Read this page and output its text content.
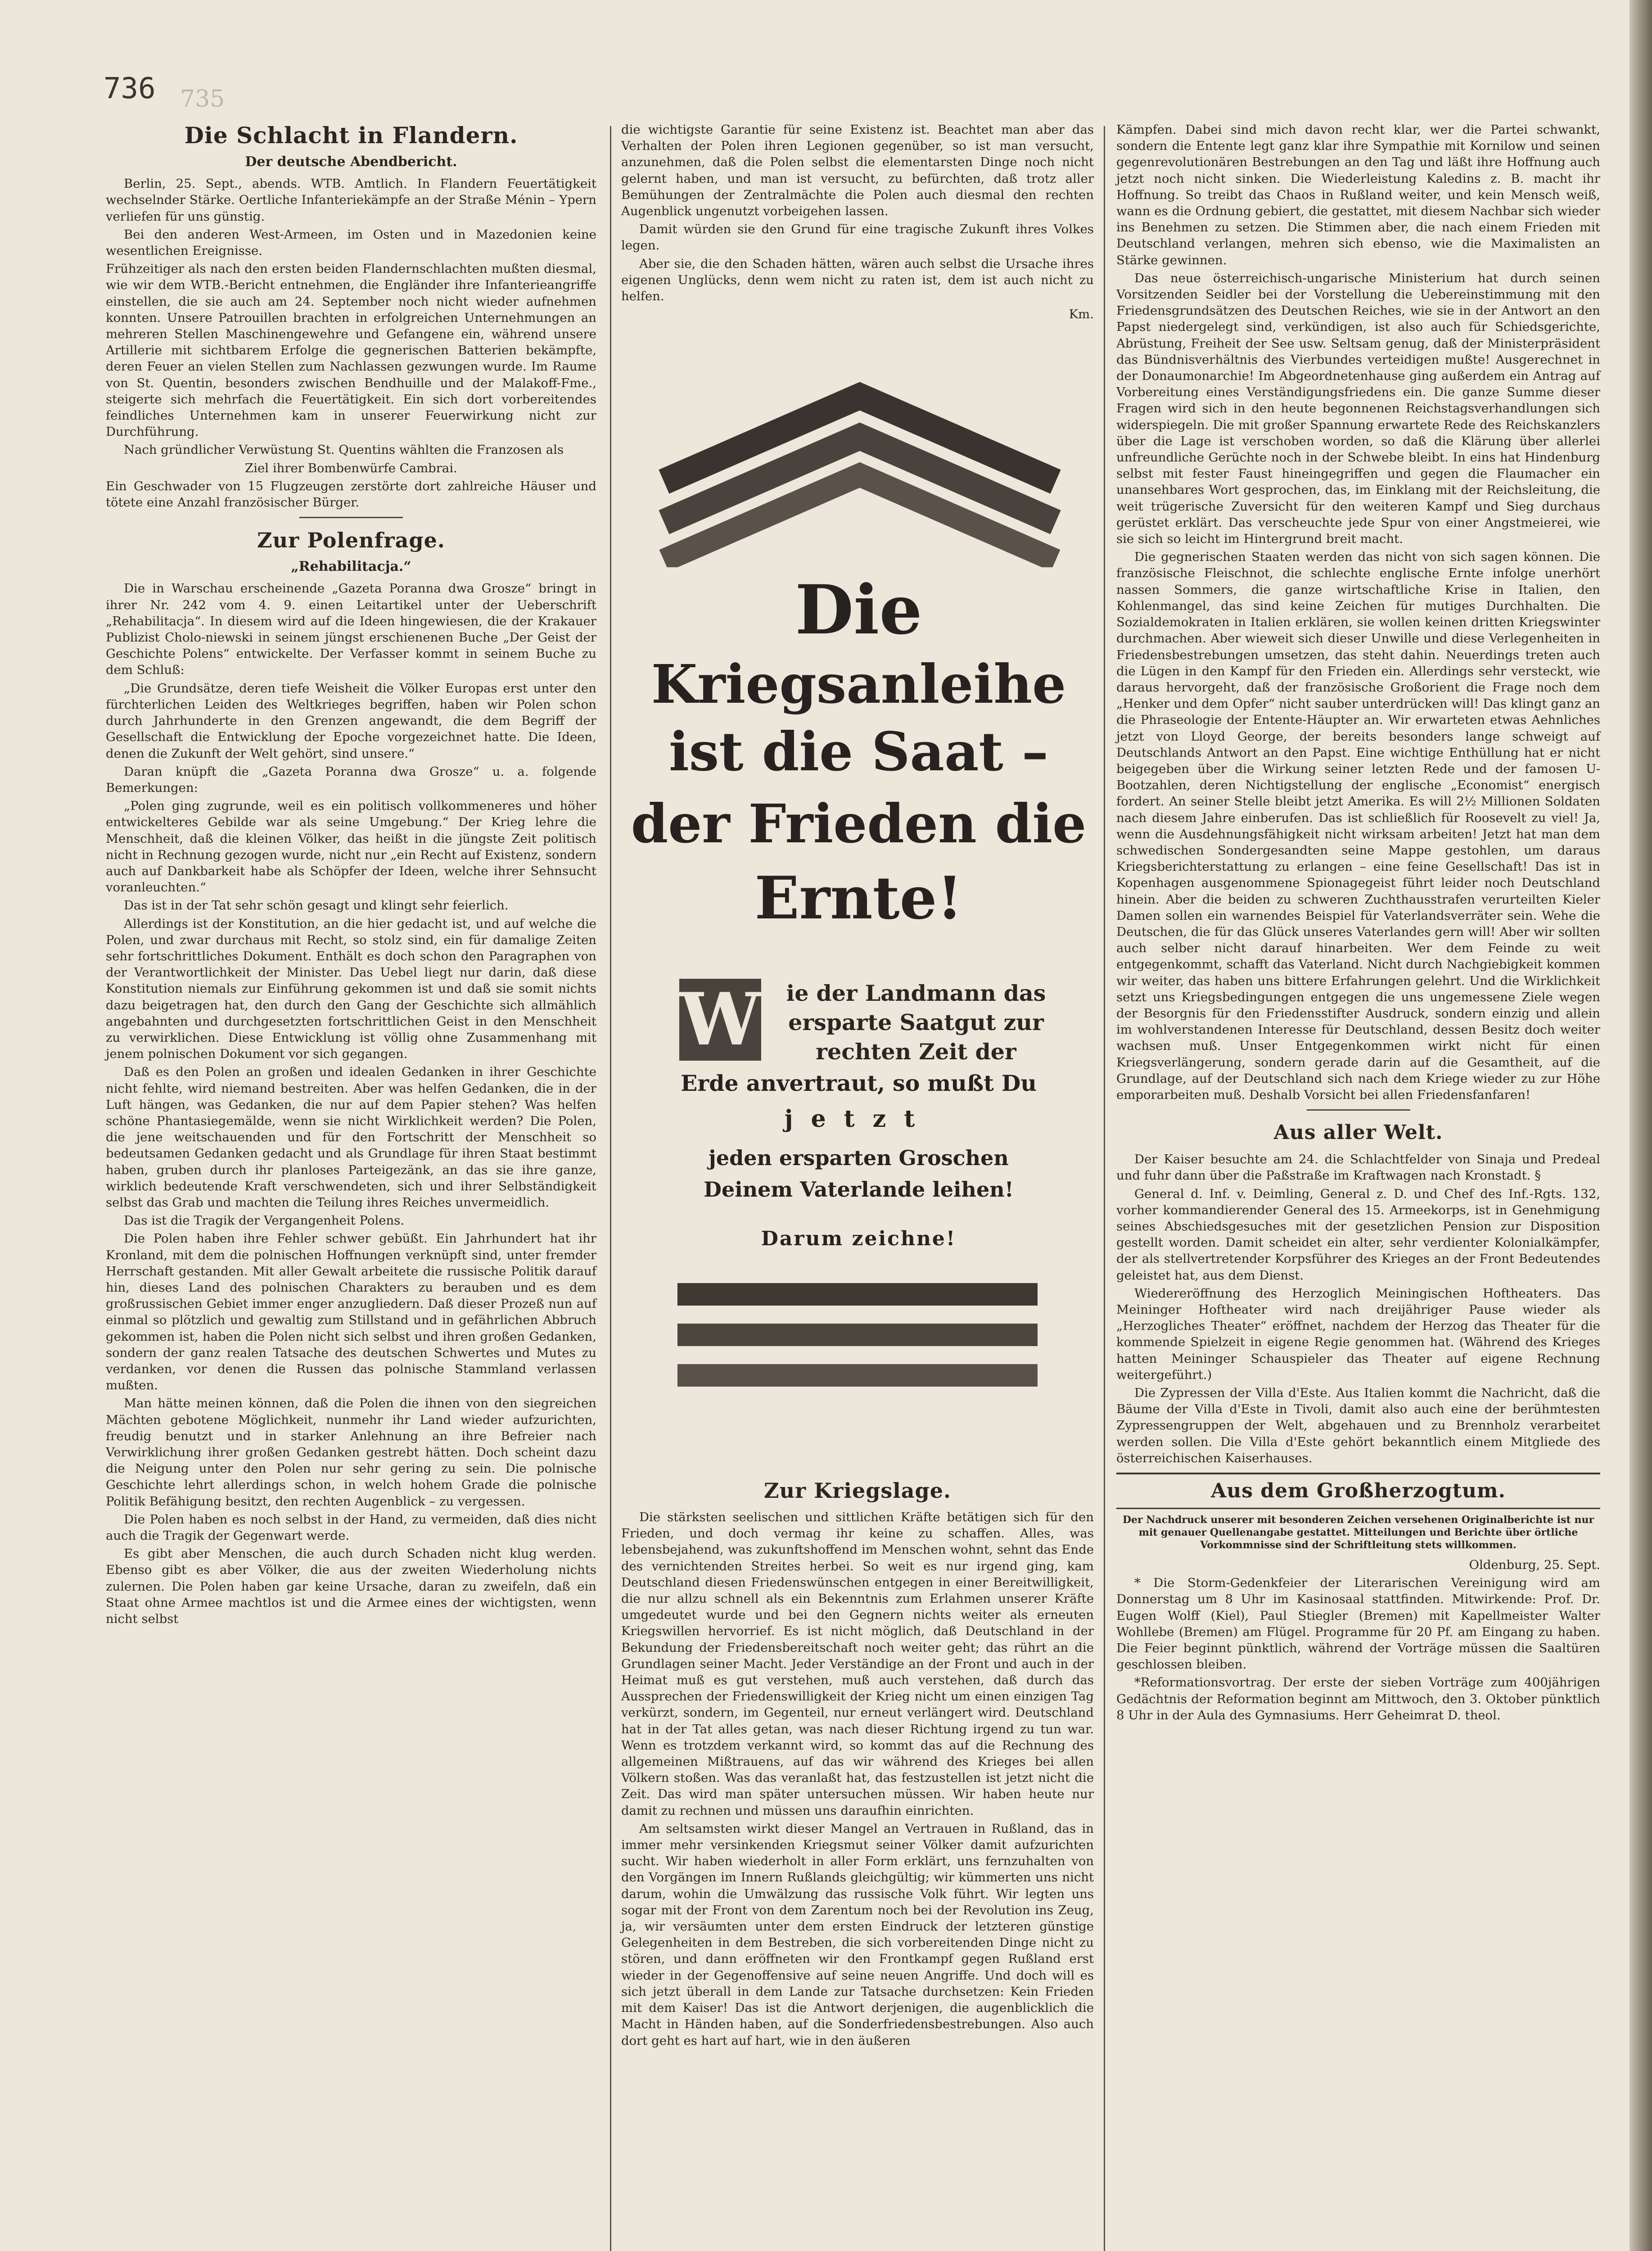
736 735
Die Schlacht in Flandern.
Der deutsche Abendbericht.

Berlin, 25. Sept., abends. WTB. Amtlich. In Flandern Feuertätigkeit wechselnder Stärke. Oertliche Infanteriekämpfe an der Straße Ménin – Ypern verliefen für uns günstig.

Bei den anderen West-Armeen, im Osten und in Mazedonien keine wesentlichen Ereignisse.

Frühzeitiger als nach den ersten beiden Flandernschlachten mußten diesmal, wie wir dem WTB.-Bericht entnehmen, die Engländer ihre Infanterieangriffe einstellen, die sie auch am 24. September noch nicht wieder aufnehmen konnten. Unsere Patrouillen brachten in erfolgreichen Unternehmungen an mehreren Stellen Maschinengewehre und Gefangene ein, während unsere Artillerie mit sichtbarem Erfolge die gegnerischen Batterien bekämpfte, deren Feuer an vielen Stellen zum Nachlassen gezwungen wurde. Im Raume von St. Quentin, besonders zwischen Bendhuille und der Malakoff-Fme., steigerte sich mehrfach die Feuertätigkeit. Ein sich dort vorbereitendes feindliches Unternehmen kam in unserer Feuerwirkung nicht zur Durchführung.

Nach gründlicher Verwüstung St. Quentins wählten die Franzosen als

Ziel ihrer Bombenwürfe Cambrai.

Ein Geschwader von 15 Flugzeugen zerstörte dort zahlreiche Häuser und tötete eine Anzahl französischer Bürger.

Zur Polenfrage.
„Rehabilitacja.“

Die in Warschau erscheinende „Gazeta Poranna dwa Grosze“ bringt in ihrer Nr. 242 vom 4. 9. einen Leitartikel unter der Ueberschrift „Rehabilitacja“. In diesem wird auf die Ideen hingewiesen, die der Krakauer Publizist Cholo-niewski in seinem jüngst erschienenen Buche „Der Geist der Geschichte Polens“ entwickelte. Der Verfasser kommt in seinem Buche zu dem Schluß:

„Die Grundsätze, deren tiefe Weisheit die Völker Europas erst unter den fürchterlichen Leiden des Weltkrieges begriffen, haben wir Polen schon durch Jahrhunderte in den Grenzen angewandt, die dem Begriff der Gesellschaft die Entwicklung der Epoche vorgezeichnet hatte. Die Ideen, denen die Zukunft der Welt gehört, sind unsere.“

Daran knüpft die „Gazeta Poranna dwa Grosze“ u. a. folgende Bemerkungen:

„Polen ging zugrunde, weil es ein politisch vollkommeneres und höher entwickelteres Gebilde war als seine Umgebung.“ Der Krieg lehre die Menschheit, daß die kleinen Völker, das heißt in die jüngste Zeit politisch nicht in Rechnung gezogen wurde, nicht nur „ein Recht auf Existenz, sondern auch auf Dankbarkeit habe als Schöpfer der Ideen, welche ihrer Sehnsucht voranleuchten.“

Das ist in der Tat sehr schön gesagt und klingt sehr feierlich.

Allerdings ist der Konstitution, an die hier gedacht ist, und auf welche die Polen, und zwar durchaus mit Recht, so stolz sind, ein für damalige Zeiten sehr fortschrittliches Dokument. Enthält es doch schon den Paragraphen von der Verantwortlichkeit der Minister. Das Uebel liegt nur darin, daß diese Konstitution niemals zur Einführung gekommen ist und daß sie somit nichts dazu beigetragen hat, den durch den Gang der Geschichte sich allmählich angebahnten und durchgesetzten fortschrittlichen Geist in den Menschheit zu verwirklichen. Diese Entwicklung ist völlig ohne Zusammenhang mit jenem polnischen Dokument vor sich gegangen.

Daß es den Polen an großen und idealen Gedanken in ihrer Geschichte nicht fehlte, wird niemand bestreiten. Aber was helfen Gedanken, die in der Luft hängen, was Gedanken, die nur auf dem Papier stehen? Was helfen schöne Phantasiegemälde, wenn sie nicht Wirklichkeit werden? Die Polen, die jene weitschauenden und für den Fortschritt der Menschheit so bedeutsamen Gedanken gedacht und als Grundlage für ihren Staat bestimmt haben, gruben durch ihr planloses Parteigezänk, an das sie ihre ganze, wirklich bedeutende Kraft verschwendeten, sich und ihrer Selbständigkeit selbst das Grab und machten die Teilung ihres Reiches unvermeidlich.

Das ist die Tragik der Vergangenheit Polens.

Die Polen haben ihre Fehler schwer gebüßt. Ein Jahrhundert hat ihr Kronland, mit dem die polnischen Hoffnungen verknüpft sind, unter fremder Herrschaft gestanden. Mit aller Gewalt arbeitete die russische Politik darauf hin, dieses Land des polnischen Charakters zu berauben und es dem großrussischen Gebiet immer enger anzugliedern. Daß dieser Prozeß nun auf einmal so plötzlich und gewaltig zum Stillstand und in gefährlichen Abbruch gekommen ist, haben die Polen nicht sich selbst und ihren großen Gedanken, sondern der ganz realen Tatsache des deutschen Schwertes und Mutes zu verdanken, vor denen die Russen das polnische Stammland verlassen mußten.

Man hätte meinen können, daß die Polen die ihnen von den siegreichen Mächten gebotene Möglichkeit, nunmehr ihr Land wieder aufzurichten, freudig benutzt und in starker Anlehnung an ihre Befreier nach Verwirklichung ihrer großen Gedanken gestrebt hätten. Doch scheint dazu die Neigung unter den Polen nur sehr gering zu sein. Die polnische Geschichte lehrt allerdings schon, in welch hohem Grade die polnische Politik Befähigung besitzt, den rechten Augenblick – zu vergessen.

Die Polen haben es noch selbst in der Hand, zu vermeiden, daß dies nicht auch die Tragik der Gegenwart werde.

Es gibt aber Menschen, die auch durch Schaden nicht klug werden. Ebenso gibt es aber Völker, die aus der zweiten Wiederholung nichts zulernen. Die Polen haben gar keine Ursache, daran zu zweifeln, daß ein Staat ohne Armee machtlos ist und die Armee eines der wichtigsten, wenn nicht selbst

die wichtigste Garantie für seine Existenz ist. Beachtet man aber das Verhalten der Polen ihren Legionen gegenüber, so ist man versucht, anzunehmen, daß die Polen selbst die elementarsten Dinge noch nicht gelernt haben, und man ist versucht, zu befürchten, daß trotz aller Bemühungen der Zentralmächte die Polen auch diesmal den rechten Augenblick ungenutzt vorbeigehen lassen.

Damit würden sie den Grund für eine tragische Zukunft ihres Volkes legen.

Aber sie, die den Schaden hätten, wären auch selbst die Ursache ihres eigenen Unglücks, denn wem nicht zu raten ist, dem ist auch nicht zu helfen.

Km.

Die
Kriegsanleihe
ist die Saat –
der Frieden die
Ernte!
W	ie der Landmann das
ersparte Saatgut zur
rechten Zeit der
Erde anvertraut, so mußt Du
jetzt
jeden ersparten Groschen
Deinem Vaterlande leihen!
Darum zeichne!
Zur Kriegslage.

Die stärksten seelischen und sittlichen Kräfte betätigen sich für den Frieden, und doch vermag ihr keine zu schaffen. Alles, was lebensbejahend, was zukunftshoffend im Menschen wohnt, sehnt das Ende des vernichtenden Streites herbei. So weit es nur irgend ging, kam Deutschland diesen Friedenswünschen entgegen in einer Bereitwilligkeit, die nur allzu schnell als ein Bekenntnis zum Erlahmen unserer Kräfte umgedeutet wurde und bei den Gegnern nichts weiter als erneuten Kriegswillen hervorrief. Es ist nicht möglich, daß Deutschland in der Bekundung der Friedensbereitschaft noch weiter geht; das rührt an die Grundlagen seiner Macht. Jeder Verständige an der Front und auch in der Heimat muß es gut verstehen, muß auch verstehen, daß durch das Aussprechen der Friedenswilligkeit der Krieg nicht um einen einzigen Tag verkürzt, sondern, im Gegenteil, nur erneut verlängert wird. Deutschland hat in der Tat alles getan, was nach dieser Richtung irgend zu tun war. Wenn es trotzdem verkannt wird, so kommt das auf die Rechnung des allgemeinen Mißtrauens, auf das wir während des Krieges bei allen Völkern stoßen. Was das veranlaßt hat, das festzustellen ist jetzt nicht die Zeit. Das wird man später untersuchen müssen. Wir haben heute nur damit zu rechnen und müssen uns daraufhin einrichten.

Am seltsamsten wirkt dieser Mangel an Vertrauen in Rußland, das in immer mehr versinkenden Kriegsmut seiner Völker damit aufzurichten sucht. Wir haben wiederholt in aller Form erklärt, uns fernzuhalten von den Vorgängen im Innern Rußlands gleichgültig; wir kümmerten uns nicht darum, wohin die Umwälzung das russische Volk führt. Wir legten uns sogar mit der Front von dem Zarentum noch bei der Revolution ins Zeug, ja, wir versäumten unter dem ersten Eindruck der letzteren günstige Gelegenheiten in dem Bestreben, die sich vorbereitenden Dinge nicht zu stören, und dann eröffneten wir den Frontkampf gegen Rußland erst wieder in der Gegenoffensive auf seine neuen Angriffe. Und doch will es sich jetzt überall in dem Lande zur Tatsache durchsetzen: Kein Frieden mit dem Kaiser! Das ist die Antwort derjenigen, die augenblicklich die Macht in Händen haben, auf die Sonderfriedensbestrebungen. Also auch dort geht es hart auf hart, wie in den äußeren

Kämpfen. Dabei sind mich davon recht klar, wer die Partei schwankt, sondern die Entente legt ganz klar ihre Sympathie mit Kornilow und seinen gegenrevolutionären Bestrebungen an den Tag und läßt ihre Hoffnung auch jetzt noch nicht sinken. Die Wiederleistung Kaledins z. B. macht ihr Hoffnung. So treibt das Chaos in Rußland weiter, und kein Mensch weiß, wann es die Ordnung gebiert, die gestattet, mit diesem Nachbar sich wieder ins Benehmen zu setzen. Die Stimmen aber, die nach einem Frieden mit Deutschland verlangen, mehren sich ebenso, wie die Maximalisten an Stärke gewinnen.

Das neue österreichisch-ungarische Ministerium hat durch seinen Vorsitzenden Seidler bei der Vorstellung die Uebereinstimmung mit den Friedensgrundsätzen des Deutschen Reiches, wie sie in der Antwort an den Papst niedergelegt sind, verkündigen, ist also auch für Schiedsgerichte, Abrüstung, Freiheit der See usw. Seltsam genug, daß der Ministerpräsident das Bündnisverhältnis des Vierbundes verteidigen mußte! Ausgerechnet in der Donaumonarchie! Im Abgeordnetenhause ging außerdem ein Antrag auf Vorbereitung eines Verständigungsfriedens ein. Die ganze Summe dieser Fragen wird sich in den heute begonnenen Reichstagsverhandlungen sich widerspiegeln. Die mit großer Spannung erwartete Rede des Reichskanzlers über die Lage ist verschoben worden, so daß die Klärung über allerlei unfreundliche Gerüchte noch in der Schwebe bleibt. In eins hat Hindenburg selbst mit fester Faust hineingegriffen und gegen die Flaumacher ein unansehbares Wort gesprochen, das, im Einklang mit der Reichsleitung, die weit trügerische Zuversicht für den weiteren Kampf und Sieg durchaus gerüstet erklärt. Das verscheuchte jede Spur von einer Angstmeierei, wie sie sich so leicht im Hintergrund breit macht.

Die gegnerischen Staaten werden das nicht von sich sagen können. Die französische Fleischnot, die schlechte englische Ernte infolge unerhört nassen Sommers, die ganze wirtschaftliche Krise in Italien, den Kohlenmangel, das sind keine Zeichen für mutiges Durchhalten. Die Sozialdemokraten in Italien erklären, sie wollen keinen dritten Kriegswinter durchmachen. Aber wieweit sich dieser Unwille und diese Verlegenheiten in Friedensbestrebungen umsetzen, das steht dahin. Neuerdings treten auch die Lügen in den Kampf für den Frieden ein. Allerdings sehr versteckt, wie daraus hervorgeht, daß der französische Großorient die Frage noch dem „Henker und dem Opfer“ nicht sauber unterdrücken will! Das klingt ganz an die Phraseologie der Entente-Häupter an. Wir erwarteten etwas Aehnliches jetzt von Lloyd George, der bereits besonders lange schweigt auf Deutschlands Antwort an den Papst. Eine wichtige Enthüllung hat er nicht beigegeben über die Wirkung seiner letzten Rede und der famosen U-Bootzahlen, deren Nichtigstellung der englische „Economist“ energisch fordert. An seiner Stelle bleibt jetzt Amerika. Es will 2½ Millionen Soldaten nach diesem Jahre einberufen. Das ist schließlich für Roosevelt zu viel! Ja, wenn die Ausdehnungsfähigkeit nicht wirksam arbeiten! Jetzt hat man dem schwedischen Sondergesandten seine Mappe gestohlen, um daraus Kriegsberichterstattung zu erlangen – eine feine Gesellschaft! Das ist in Kopenhagen ausgenommene Spionagegeist führt leider noch Deutschland hinein. Aber die beiden zu schweren Zuchthausstrafen verurteilten Kieler Damen sollen ein warnendes Beispiel für Vaterlandsverräter sein. Wehe die Deutschen, die für das Glück unseres Vaterlandes gern will! Aber wir sollten auch selber nicht darauf hinarbeiten. Wer dem Feinde zu weit entgegenkommt, schafft das Vaterland. Nicht durch Nachgiebigkeit kommen wir weiter, das haben uns bittere Erfahrungen gelehrt. Und die Wirklichkeit setzt uns Kriegsbedingungen entgegen die uns ungemessene Ziele wegen der Besorgnis für den Friedensstifter Ausdruck, sondern einzig und allein im wohlverstandenen Interesse für Deutschland, dessen Besitz doch weiter wachsen muß. Unser Entgegenkommen wirkt nicht für einen Kriegsverlängerung, sondern gerade darin auf die Gesamtheit, auf die Grundlage, auf der Deutschland sich nach dem Kriege wieder zu zur Höhe emporarbeiten muß. Deshalb Vorsicht bei allen Friedensfanfaren!

Aus aller Welt.

Der Kaiser besuchte am 24. die Schlachtfelder von Sinaja und Predeal und fuhr dann über die Paßstraße im Kraftwagen nach Kronstadt. §

General d. Inf. v. Deimling, General z. D. und Chef des Inf.-Rgts. 132, vorher kommandierender General des 15. Armeekorps, ist in Genehmigung seines Abschiedsgesuches mit der gesetzlichen Pension zur Disposition gestellt worden. Damit scheidet ein alter, sehr verdienter Kolonialkämpfer, der als stellvertretender Korpsführer des Krieges an der Front Bedeutendes geleistet hat, aus dem Dienst.

Wiedereröffnung des Herzoglich Meiningischen Hoftheaters. Das Meininger Hoftheater wird nach dreijähriger Pause wieder als „Herzogliches Theater“ eröffnet, nachdem der Herzog das Theater für die kommende Spielzeit in eigene Regie genommen hat. (Während des Krieges hatten Meininger Schauspieler das Theater auf eigene Rechnung weitergeführt.)

Die Zypressen der Villa d'Este. Aus Italien kommt die Nachricht, daß die Bäume der Villa d'Este in Tivoli, damit also auch eine der berühmtesten Zypressengruppen der Welt, abgehauen und zu Brennholz verarbeitet werden sollen. Die Villa d'Este gehört bekanntlich einem Mitgliede des österreichischen Kaiserhauses.

Aus dem Großherzogtum.
Der Nachdruck unserer mit besonderen Zeichen versehenen Originalberichte ist nur mit genauer Quellenangabe gestattet. Mitteilungen und Berichte über örtliche Vorkommnisse sind der Schriftleitung stets willkommen.

Oldenburg, 25. Sept.

* Die Storm-Gedenkfeier der Literarischen Vereinigung wird am Donnerstag um 8 Uhr im Kasinosaal stattfinden. Mitwirkende: Prof. Dr. Eugen Wolff (Kiel), Paul Stiegler (Bremen) mit Kapellmeister Walter Wohllebe (Bremen) am Flügel. Programme für 20 Pf. am Eingang zu haben. Die Feier beginnt pünktlich, während der Vorträge müssen die Saaltüren geschlossen bleiben.

*Reformationsvortrag. Der erste der sieben Vorträge zum 400jährigen Gedächtnis der Reformation beginnt am Mittwoch, den 3. Oktober pünktlich 8 Uhr in der Aula des Gymnasiums. Herr Geheimrat D. theol.
